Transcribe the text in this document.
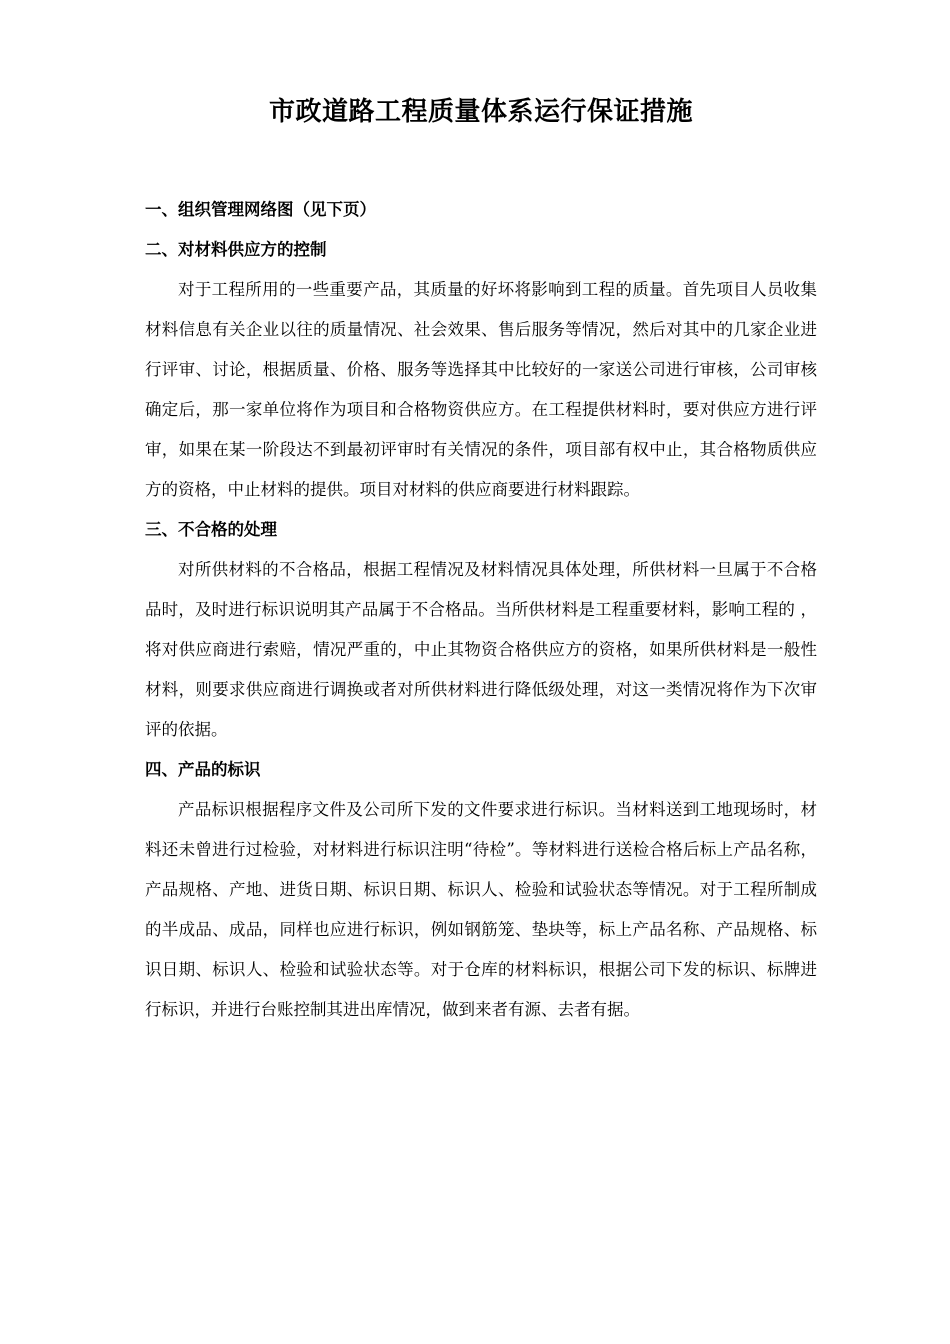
市政道路工程质量体系运行保证措施
一、组织管理网络图（见下页）
二、对材料供应方的控制

对于工程所用的一些重要产品，其质量的好坏将影响到工程的质量。首先项目人员收集材料信息有关企业以往的质量情况、社会效果、售后服务等情况，然后对其中的几家企业进行评审、讨论，根据质量、价格、服务等选择其中比较好的一家送公司进行审核，公司审核确定后，那一家单位将作为项目和合格物资供应方。在工程提供材料时，要对供应方进行评审，如果在某一阶段达不到最初评审时有关情况的条件，项目部有权中止，其合格物质供应方的资格，中止材料的提供。项目对材料的供应商要进行材料跟踪。

三、不合格的处理

对所供材料的不合格品，根据工程情况及材料情况具体处理，所供材料一旦属于不合格品时，及时进行标识说明其产品属于不合格品。当所供材料是工程重要材料，影响工程的 ，将对供应商进行索赔，情况严重的，中止其物资合格供应方的资格，如果所供材料是一般性材料，则要求供应商进行调换或者对所供材料进行降低级处理，对这一类情况将作为下次审评的依据。

四、产品的标识

产品标识根据程序文件及公司所下发的文件要求进行标识。当材料送到工地现场时，材料还未曾进行过检验，对材料进行标识注明“待检”。等材料进行送检合格后标上产品名称，产品规格、产地、进货日期、标识日期、标识人、检验和试验状态等情况。对于工程所制成的半成品、成品，同样也应进行标识，例如钢筋笼、垫块等，标上产品名称、产品规格、标识日期、标识人、检验和试验状态等。对于仓库的材料标识，根据公司下发的标识、标牌进行标识，并进行台账控制其进出库情况，做到来者有源、去者有据。
